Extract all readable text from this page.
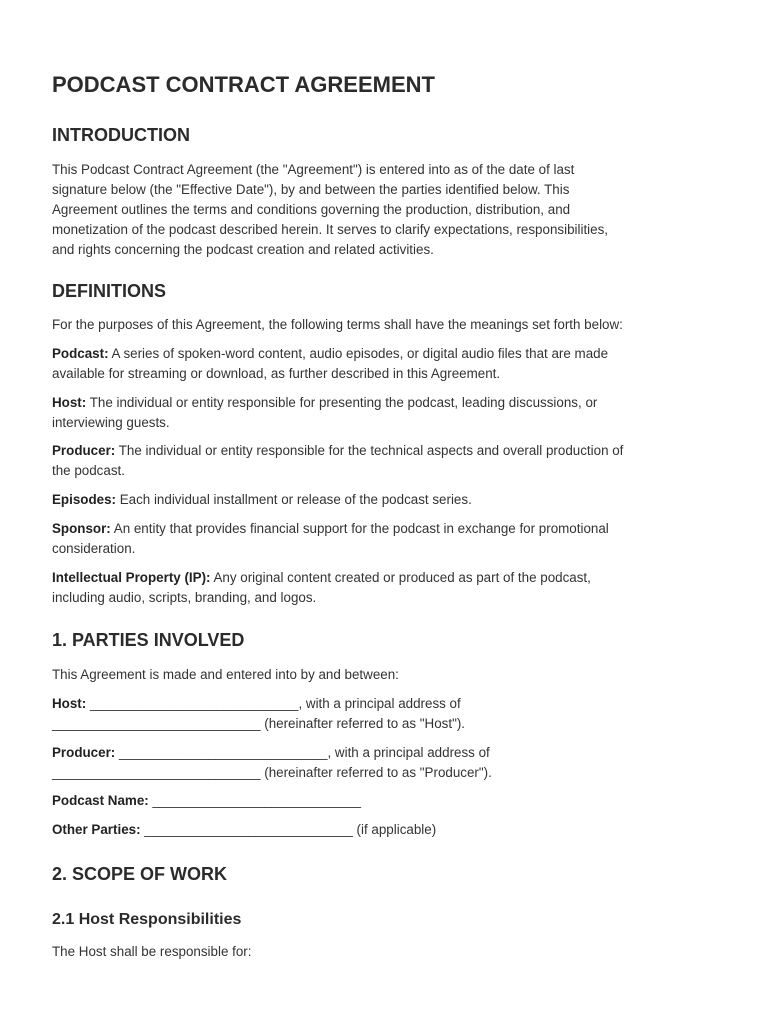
PODCAST CONTRACT AGREEMENT
INTRODUCTION
This Podcast Contract Agreement (the "Agreement") is entered into as of the date of last
signature below (the "Effective Date"), by and between the parties identified below. This
Agreement outlines the terms and conditions governing the production, distribution, and
monetization of the podcast described herein. It serves to clarify expectations, responsibilities,
and rights concerning the podcast creation and related activities.
DEFINITIONS
For the purposes of this Agreement, the following terms shall have the meanings set forth below:
Podcast: A series of spoken-word content, audio episodes, or digital audio files that are made
available for streaming or download, as further described in this Agreement.
Host: The individual or entity responsible for presenting the podcast, leading discussions, or
interviewing guests.
Producer: The individual or entity responsible for the technical aspects and overall production of
the podcast.
Episodes: Each individual installment or release of the podcast series.
Sponsor: An entity that provides financial support for the podcast in exchange for promotional
consideration.
Intellectual Property (IP): Any original content created or produced as part of the podcast,
including audio, scripts, branding, and logos.
1. PARTIES INVOLVED
This Agreement is made and entered into by and between:
Host: ____________________________, with a principal address of
____________________________ (hereinafter referred to as "Host").
Producer: ____________________________, with a principal address of
____________________________ (hereinafter referred to as "Producer").
Podcast Name: ____________________________
Other Parties: ____________________________ (if applicable)
2. SCOPE OF WORK
2.1 Host Responsibilities
The Host shall be responsible for:
